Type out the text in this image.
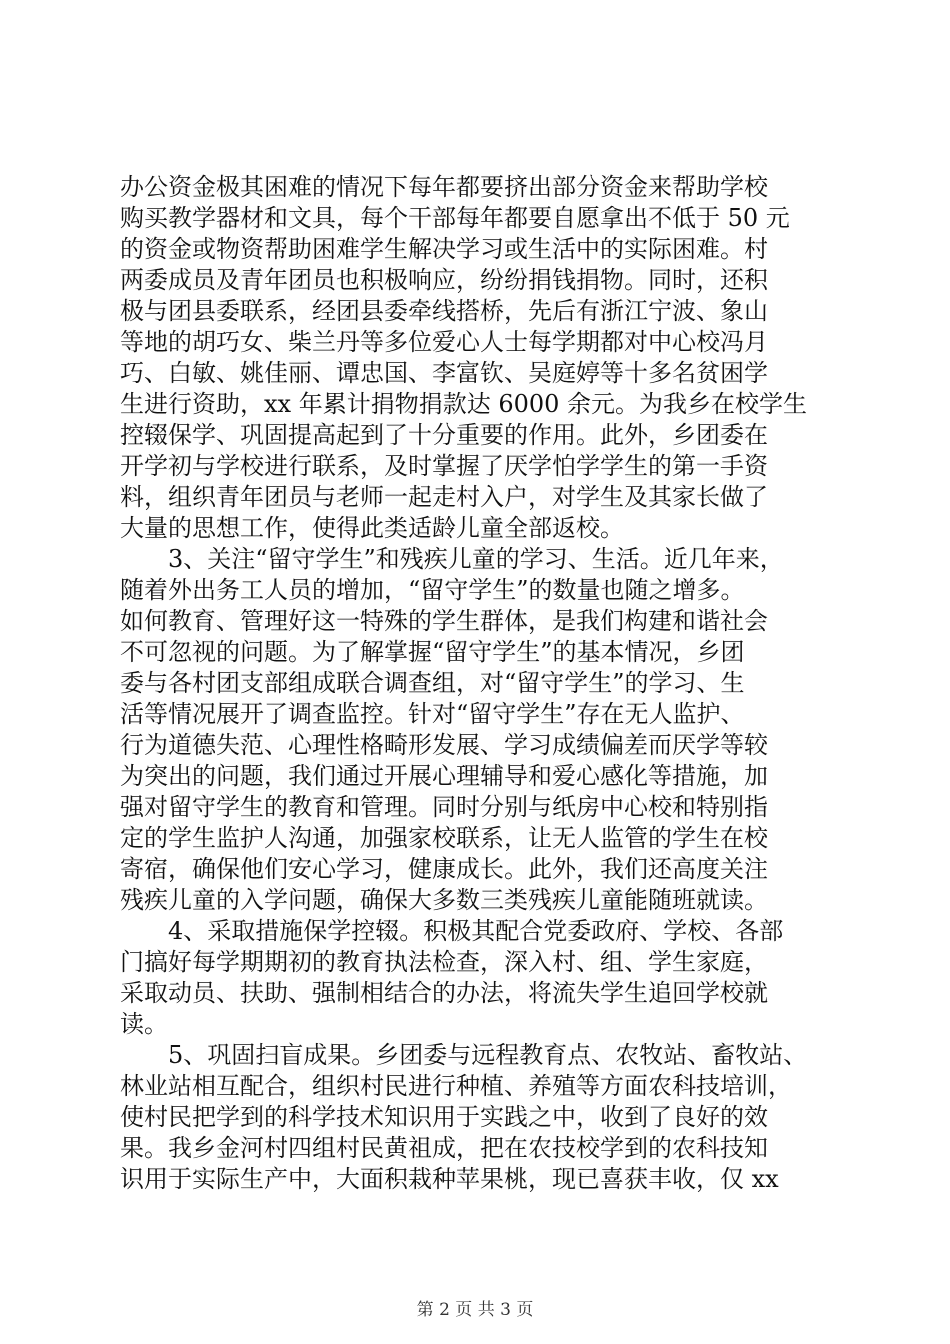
办公资金极其困难的情况下每年都要挤出部分资金来帮助学校
购买教学器材和文具，每个干部每年都要自愿拿出不低于 50 元
的资金或物资帮助困难学生解决学习或生活中的实际困难。村
两委成员及青年团员也积极响应，纷纷捐钱捐物。同时，还积
极与团县委联系，经团县委牵线搭桥，先后有浙江宁波、象山
等地的胡巧女、柴兰丹等多位爱心人士每学期都对中心校冯月
巧、白敏、姚佳丽、谭忠国、李富钦、吴庭婷等十多名贫困学
生进行资助，xx 年累计捐物捐款达 6000 余元。为我乡在校学生
控辍保学、巩固提高起到了十分重要的作用。此外，乡团委在
开学初与学校进行联系，及时掌握了厌学怕学学生的第一手资
料，组织青年团员与老师一起走村入户，对学生及其家长做了
大量的思想工作，使得此类适龄儿童全部返校。
3、关注“留守学生”和残疾儿童的学习、生活。近几年来，
随着外出务工人员的增加，“留守学生”的数量也随之增多。
如何教育、管理好这一特殊的学生群体，是我们构建和谐社会
不可忽视的问题。为了解掌握“留守学生”的基本情况，乡团
委与各村团支部组成联合调查组，对“留守学生”的学习、生
活等情况展开了调查监控。针对“留守学生”存在无人监护、
行为道德失范、心理性格畸形发展、学习成绩偏差而厌学等较
为突出的问题，我们通过开展心理辅导和爱心感化等措施，加
强对留守学生的教育和管理。同时分别与纸房中心校和特别指
定的学生监护人沟通，加强家校联系，让无人监管的学生在校
寄宿，确保他们安心学习，健康成长。此外，我们还高度关注
残疾儿童的入学问题，确保大多数三类残疾儿童能随班就读。
4、采取措施保学控辍。积极其配合党委政府、学校、各部
门搞好每学期期初的教育执法检查，深入村、组、学生家庭，
采取动员、扶助、强制相结合的办法，将流失学生追回学校就
读。
5、巩固扫盲成果。乡团委与远程教育点、农牧站、畜牧站、
林业站相互配合，组织村民进行种植、养殖等方面农科技培训，
使村民把学到的科学技术知识用于实践之中，收到了良好的效
果。我乡金河村四组村民黄祖成，把在农技校学到的农科技知
识用于实际生产中，大面积栽种苹果桃，现已喜获丰收，仅 xx
第 2 页 共 3 页
